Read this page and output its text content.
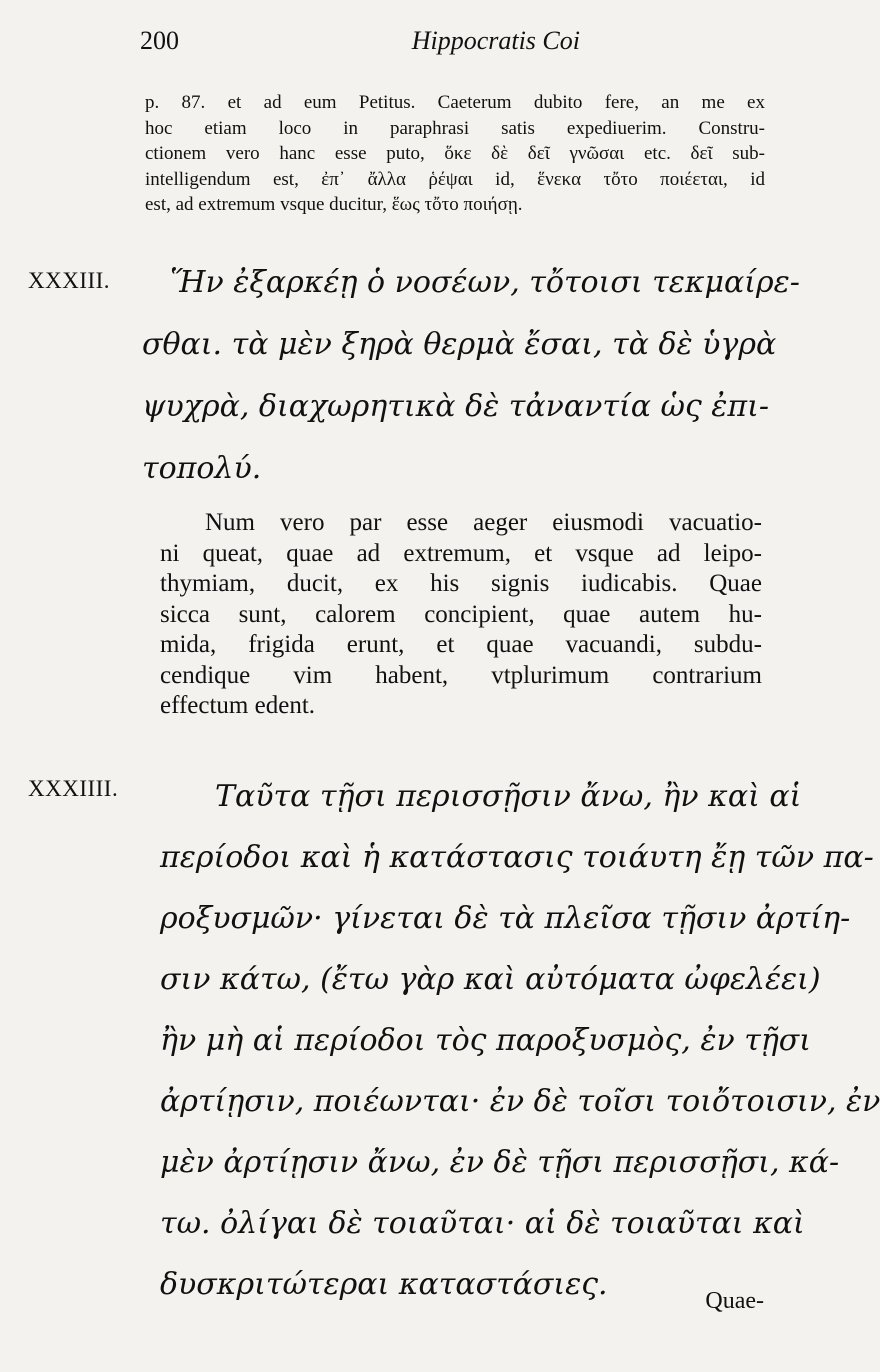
200	Hippocratis Coi
p. 87. et ad eum Petitus. Caeterum dubito fere, an me ex
hoc etiam loco in paraphrasi satis expediuerim. Constru-
ctionem vero hanc esse puto, ὅκε δὲ δεῖ γνῶσαι etc. δεῖ sub-
intelligendum est, ἐπ᾽ ἄλλα ῥέψαι id, ἕνεκα τὄτο ποιέεται, id
est, ad extremum vsque ducitur, ἕως τὄτο ποιήσῃ.
XXXIII. Ἥν ἐξαρκέῃ ὁ νοσέων, τὄτοισι τεκμαίρε-
σθαι. τὰ μὲν ξηρὰ θερμὰ ἔσαι, τὰ δὲ ὑγρὰ
ψυχρὰ, διαχωρητικὰ δὲ τἀναντία ὡς ἐπι-
τοπολύ.
Num vero par esse aeger eiusmodi vacuatio-
ni queat, quae ad extremum, et vsque ad leipo-
thymiam, ducit, ex his signis iudicabis. Quae
sicca sunt, calorem concipient, quae autem hu-
mida, frigida erunt, et quae vacuandi, subdu-
cendique vim habent, vtplurimum contrarium
effectum edent.
XXXIIII.	Ταῦτα τῇσι περισσῇσιν ἄνω, ἢν καὶ αἱ
περίοδοι καὶ ἡ κατάστασις τοιάυτη ἔῃ τῶν πα-
ροξυσμῶν· γίνεται δὲ τὰ πλεῖσα τῇσιν ἀρτίη-
σιν κάτω, (ἔτω γὰρ καὶ αὐτόματα ὠφελέει)
ἢν μὴ αἱ περίοδοι τὸς παροξυσμὸς, ἐν τῇσι
ἀρτίῃσιν, ποιέωνται· ἐν δὲ τοῖσι τοιὄτοισιν, ἐν
μὲν ἀρτίῃσιν ἄνω, ἐν δὲ τῇσι περισσῇσι, κά-
τω. ὀλίγαι δὲ τοιαῦται· αἱ δὲ τοιαῦται καὶ
δυσκριτώτεραι καταστάσιες.	Quae-
